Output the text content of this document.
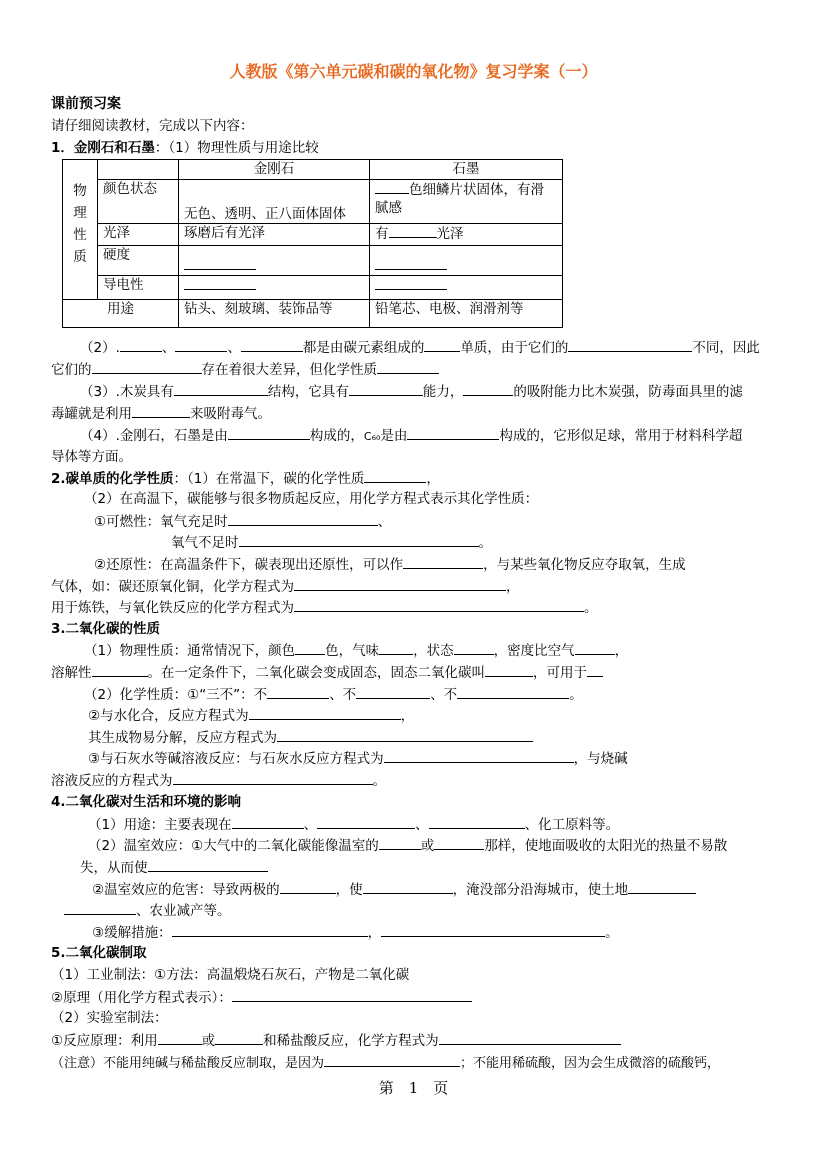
人教版《第六单元碳和碳的氧化物》复习学案（一）
课前预习案
请仔细阅读教材，完成以下内容：
1．金刚石和石墨：（1）物理性质与用途比较
		金刚石	石墨
物
理
性
质	颜色状态	无色、透明、正八面体固体	色细鳞片状固体，有滑
腻感
	光泽	琢磨后有光泽	有 光泽
	硬度		
	导电性		
用途		钻头、刻玻璃、装饰品等	铅笔芯、电极、润滑剂等
（2）.	、	、	都是由碳元素组成的	单质，由于它们的	不同，因此
它们的	存在着很大差异，但化学性质
（3）.木炭具有	结构，它具有	能力，	的吸附能力比木炭强，防毒面具里的滤
毒罐就是利用	来吸附毒气。
（4）.金刚石，石墨是由	构成的，C₆₀是由	构成的，它形似足球，常用于材料科学超
导体等方面。
2.碳单质的化学性质：（1）在常温下，碳的化学性质	，
（2）在高温下，碳能够与很多物质起反应，用化学方程式表示其化学性质：
①可燃性：氧气充足时	、
氧气不足时	。
②还原性：在高温条件下，碳表现出还原性，可以作	，与某些氧化物反应夺取氧，生成
气体，如：碳还原氧化铜，化学方程式为	，
用于炼铁，与氧化铁反应的化学方程式为	。
3.二氧化碳的性质
（1）物理性质：通常情况下，颜色 色，气味	，状态	，密度比空气	，
溶解性	。在一定条件下，二氧化碳会变成固态，固态二氧化碳叫	，可用于
（2）化学性质：①“三不”：不	、不	、不	。
②与水化合，反应方程式为	，
其生成物易分解，反应方程式为
③与石灰水等碱溶液反应：与石灰水反应方程式为	，与烧碱
溶液反应的方程式为	。
4.二氧化碳对生活和环境的影响
（1）用途：主要表现在	、	、	、化工原料等。
（2）温室效应：①大气中的二氧化碳能像温室的	或	那样，使地面吸收的太阳光的热量不易散
失，从而使
②温室效应的危害：导致两极的	，使	，淹没部分沿海城市，使土地
、农业减产等。
③缓解措施：	，	。
5.二氧化碳制取
（1）工业制法：①方法：高温煅烧石灰石，产物是二氧化碳
②原理（用化学方程式表示）：
（2）实验室制法：
①反应原理：利用	或	和稀盐酸反应，化学方程式为
（注意）不能用纯碱与稀盐酸反应制取，是因为	；不能用稀硫酸，因为会生成微溶的硫酸钙，
第　1　页
